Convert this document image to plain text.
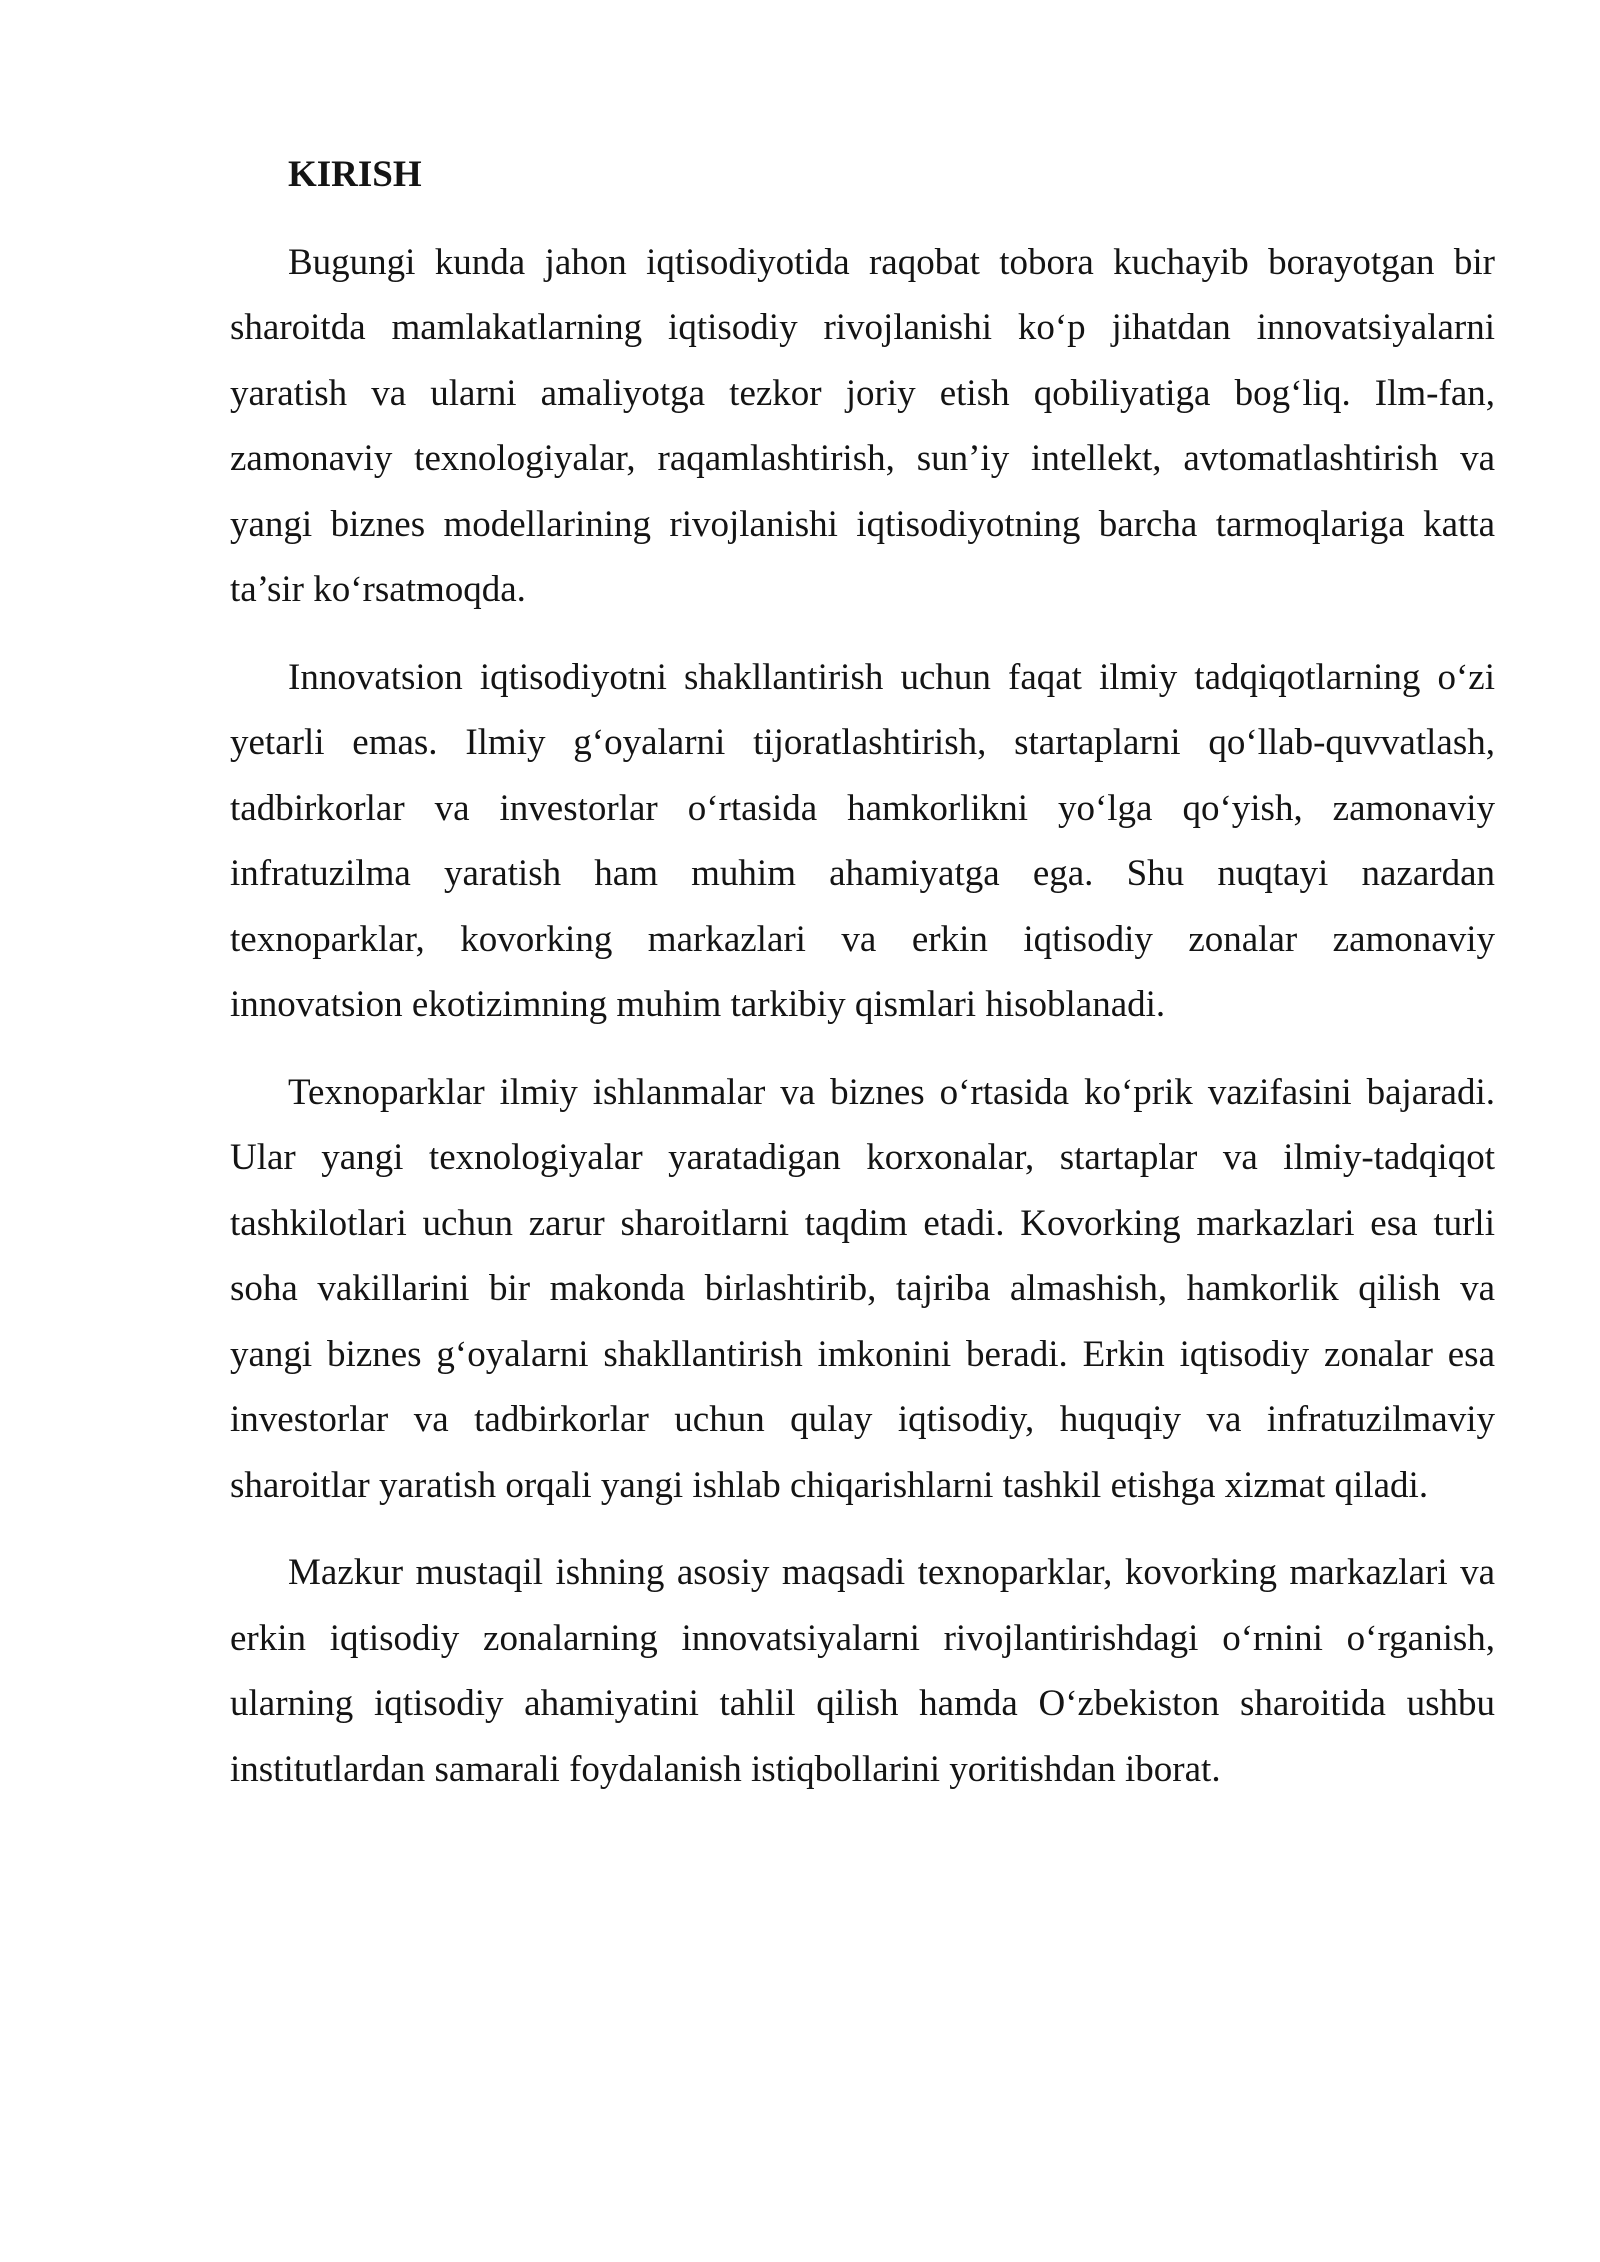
KIRISH
Bugungi kunda jahon iqtisodiyotida raqobat tobora kuchayib borayotgan bir
sharoitda mamlakatlarning iqtisodiy rivojlanishi ko‘p jihatdan innovatsiyalarni
yaratish va ularni amaliyotga tezkor joriy etish qobiliyatiga bog‘liq. Ilm-fan,
zamonaviy texnologiyalar, raqamlashtirish, sun’iy intellekt, avtomatlashtirish va
yangi biznes modellarining rivojlanishi iqtisodiyotning barcha tarmoqlariga katta
ta’sir ko‘rsatmoqda.
Innovatsion iqtisodiyotni shakllantirish uchun faqat ilmiy tadqiqotlarning o‘zi
yetarli emas. Ilmiy g‘oyalarni tijoratlashtirish, startaplarni qo‘llab-quvvatlash,
tadbirkorlar va investorlar o‘rtasida hamkorlikni yo‘lga qo‘yish, zamonaviy
infratuzilma yaratish ham muhim ahamiyatga ega. Shu nuqtayi nazardan
texnoparklar, kovorking markazlari va erkin iqtisodiy zonalar zamonaviy
innovatsion ekotizimning muhim tarkibiy qismlari hisoblanadi.
Texnoparklar ilmiy ishlanmalar va biznes o‘rtasida ko‘prik vazifasini bajaradi.
Ular yangi texnologiyalar yaratadigan korxonalar, startaplar va ilmiy-tadqiqot
tashkilotlari uchun zarur sharoitlarni taqdim etadi. Kovorking markazlari esa turli
soha vakillarini bir makonda birlashtirib, tajriba almashish, hamkorlik qilish va
yangi biznes g‘oyalarni shakllantirish imkonini beradi. Erkin iqtisodiy zonalar esa
investorlar va tadbirkorlar uchun qulay iqtisodiy, huquqiy va infratuzilmaviy
sharoitlar yaratish orqali yangi ishlab chiqarishlarni tashkil etishga xizmat qiladi.
Mazkur mustaqil ishning asosiy maqsadi texnoparklar, kovorking markazlari va
erkin iqtisodiy zonalarning innovatsiyalarni rivojlantirishdagi o‘rnini o‘rganish,
ularning iqtisodiy ahamiyatini tahlil qilish hamda O‘zbekiston sharoitida ushbu
institutlardan samarali foydalanish istiqbollarini yoritishdan iborat.
